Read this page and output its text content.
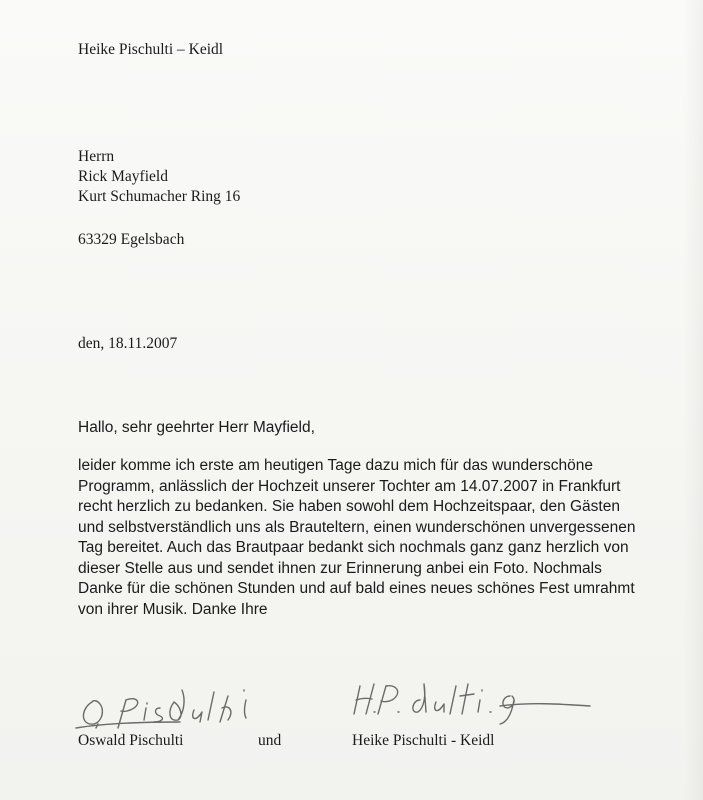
Heike Pischulti – Keidl

Herrn

Rick Mayfield

Kurt Schumacher Ring 16

63329 Egelsbach

den, 18.11.2007

Hallo, sehr geehrter Herr Mayfield,

leider komme ich erste am heutigen Tage dazu mich für das wunderschöne
Programm, anlässlich der Hochzeit unserer Tochter am 14.07.2007 in Frankfurt
recht herzlich zu bedanken. Sie haben sowohl dem Hochzeitspaar, den Gästen
und selbstverständlich uns als Brauteltern, einen wunderschönen unvergessenen
Tag bereitet. Auch das Brautpaar bedankt sich nochmals ganz ganz herzlich von
dieser Stelle aus und sendet ihnen zur Erinnerung anbei ein Foto. Nochmals
Danke für die schönen Stunden und auf bald eines neues schönes Fest umrahmt
von ihrer Musik. Danke Ihre

Oswald Pischulti	und	Heike Pischulti - Keidl
